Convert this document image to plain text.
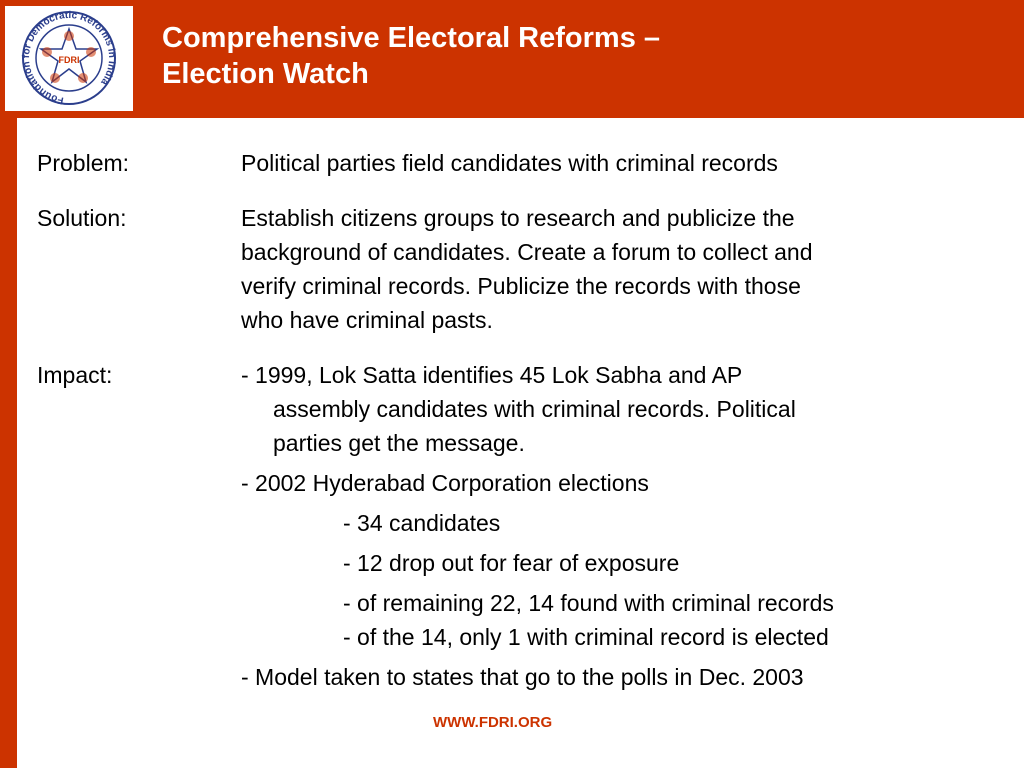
Foundation for Democratic Reforms in India
FDRI
Comprehensive Electoral Reforms –
Election Watch
Problem:	Political parties field candidates with criminal records
Solution:	Establish citizens groups to research and publicize the
background of candidates. Create a forum to collect and
verify criminal records. Publicize the records with those
who have criminal pasts.
Impact:	- 1999, Lok Satta identifies 45 Lok Sabha and AP
assembly candidates with criminal records. Political
parties get the message.
- 2002 Hyderabad Corporation elections
- 34 candidates
- 12 drop out for fear of exposure
- of remaining 22, 14 found with criminal records
- of the 14, only 1 with criminal record is elected
- Model taken to states that go to the polls in Dec. 2003
WWW.FDRI.ORG
